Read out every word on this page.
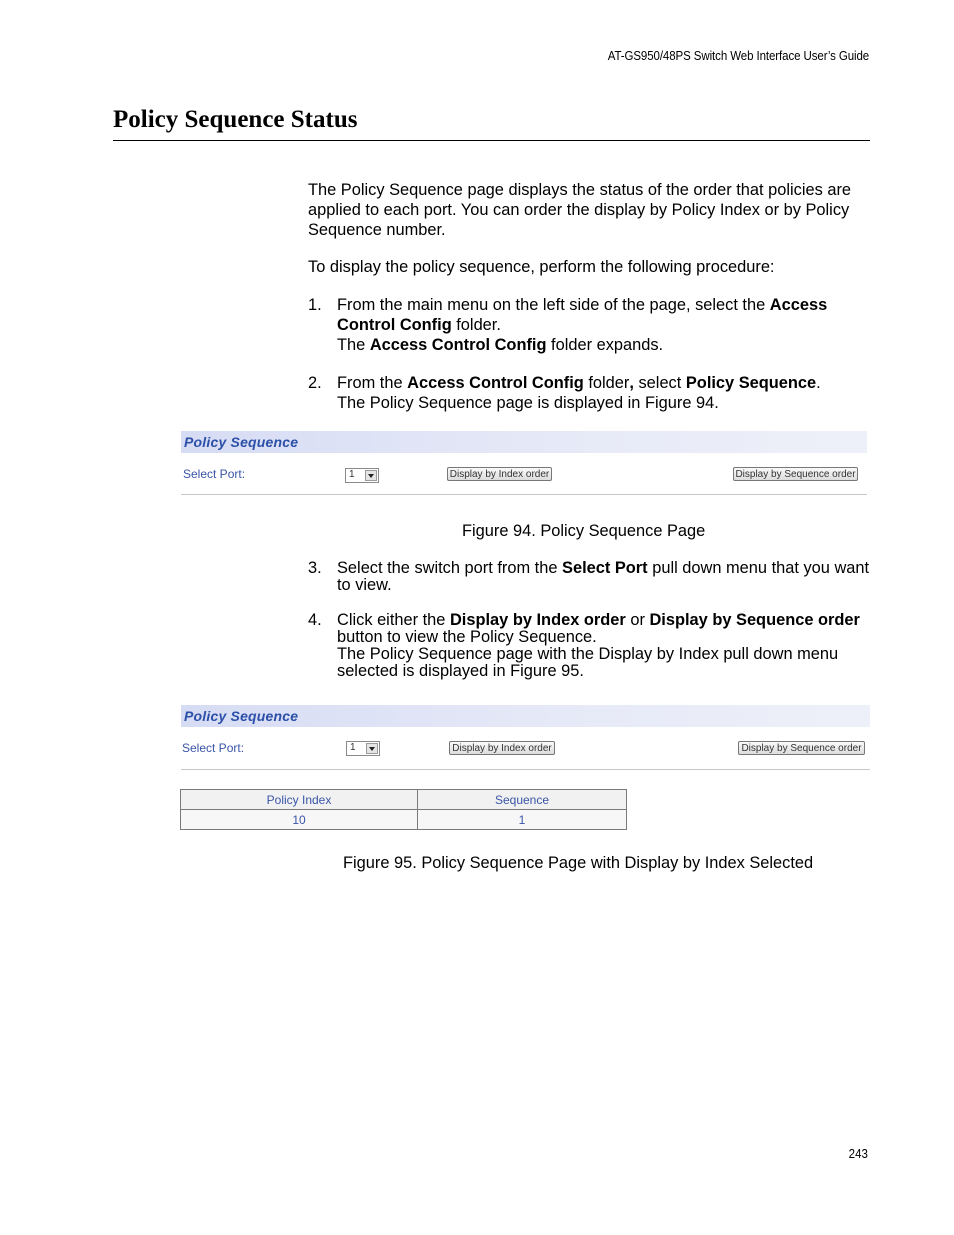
AT-GS950/48PS Switch Web Interface User’s Guide
Policy Sequence Status
The Policy Sequence page displays the status of the order that policies are applied to each port. You can order the display by Policy Index or by Policy Sequence number.
To display the policy sequence, perform the following procedure:
1. From the main menu on the left side of the page, select the Access Control Config folder.
The Access Control Config folder expands.
2. From the Access Control Config folder, select Policy Sequence.
The Policy Sequence page is displayed in Figure 94.
Policy Sequence
Select Port:	1	Display by Index order	Display by Sequence order
Figure 94. Policy Sequence Page
3. Select the switch port from the Select Port pull down menu that you want to view.
4. Click either the Display by Index order or Display by Sequence order button to view the Policy Sequence.
The Policy Sequence page with the Display by Index pull down menu selected is displayed in Figure 95.
Policy Sequence
Select Port:	1	Display by Index order	Display by Sequence order
Policy Index	Sequence
10	1
Figure 95. Policy Sequence Page with Display by Index Selected
243
